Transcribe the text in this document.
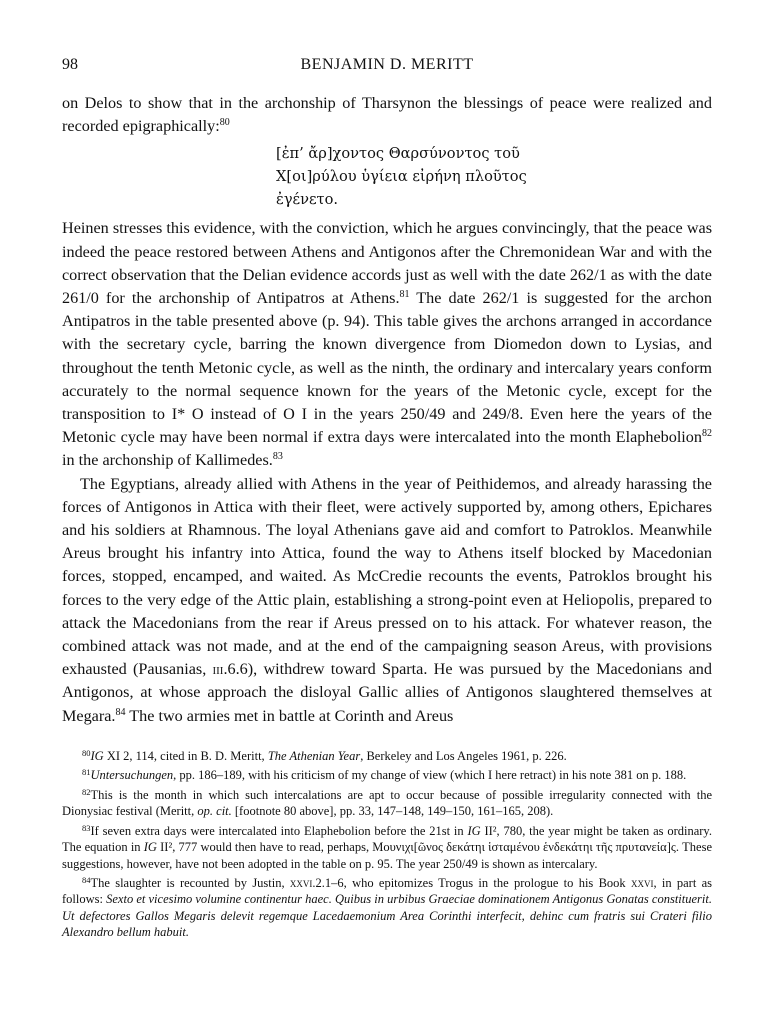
98	BENJAMIN D. MERITT

on Delos to show that in the archonship of Tharsynon the blessings of peace were realized and recorded epigraphically:$^{80}$

[ἐπ’ ἄρ]χοντος Θαρσύνοντος τοῦ
Χ[οι]ρύλου ὑγίεια εἰρήνη πλοῦτος
ἐγένετο.

Heinen stresses this evidence, with the conviction, which he argues convincingly, that the peace was indeed the peace restored between Athens and Antigonos after the Chremonidean War and with the correct observation that the Delian evidence accords just as well with the date 262/1 as with the date 261/0 for the archonship of Antipatros at Athens.$^{81}$ The date 262/1 is suggested for the archon Antipatros in the table presented above (p. 94). This table gives the archons arranged in accordance with the secretary cycle, barring the known divergence from Diomedon down to Lysias, and throughout the tenth Metonic cycle, as well as the ninth, the ordinary and intercalary years conform accurately to the normal sequence known for the years of the Metonic cycle, except for the transposition to I* O instead of O I in the years 250/49 and 249/8. Even here the years of the Metonic cycle may have been normal if extra days were intercalated into the month Elaphebolion$^{82}$ in the archonship of Kallimedes.$^{83}$

The Egyptians, already allied with Athens in the year of Peithidemos, and already harassing the forces of Antigonos in Attica with their fleet, were actively supported by, among others, Epichares and his soldiers at Rhamnous. The loyal Athenians gave aid and comfort to Patroklos. Meanwhile Areus brought his infantry into Attica, found the way to Athens itself blocked by Macedonian forces, stopped, encamped, and waited. As McCredie recounts the events, Patroklos brought his forces to the very edge of the Attic plain, establishing a strong-point even at Heliopolis, prepared to attack the Macedonians from the rear if Areus pressed on to his attack. For whatever reason, the combined attack was not made, and at the end of the campaigning season Areus, with provisions exhausted (Pausanias, iii.6.6), withdrew toward Sparta. He was pursued by the Macedonians and Antigonos, at whose approach the disloyal Gallic allies of Antigonos slaughtered themselves at Megara.$^{84}$ The two armies met in battle at Corinth and Areus

$^{80}$IG XI 2, 114, cited in B. D. Meritt, The Athenian Year, Berkeley and Los Angeles 1961, p. 226.

$^{81}$Untersuchungen, pp. 186–189, with his criticism of my change of view (which I here retract) in his note 381 on p. 188.

$^{82}$This is the month in which such intercalations are apt to occur because of possible irregularity connected with the Dionysiac festival (Meritt, op. cit. [footnote 80 above], pp. 33, 147–148, 149–150, 161–165, 208).

$^{83}$If seven extra days were intercalated into Elaphebolion before the 21st in IG II², 780, the year might be taken as ordinary. The equation in IG II², 777 would then have to read, perhaps, Μουνιχι[ῶνος δεκάτηι ἱσταμένου ἑνδεκάτηι τῆς πρυτανεία]ς. These suggestions, however, have not been adopted in the table on p. 95. The year 250/49 is shown as intercalary.

$^{84}$The slaughter is recounted by Justin, xxvi.2.1–6, who epitomizes Trogus in the prologue to his Book xxvi, in part as follows: Sexto et vicesimo volumine continentur haec. Quibus in urbibus Graeciae dominationem Antigonus Gonatas constituerit. Ut defectores Gallos Megaris delevit regemque Lacedaemonium Area Corinthi interfecit, dehinc cum fratris sui Crateri filio Alexandro bellum habuit.
